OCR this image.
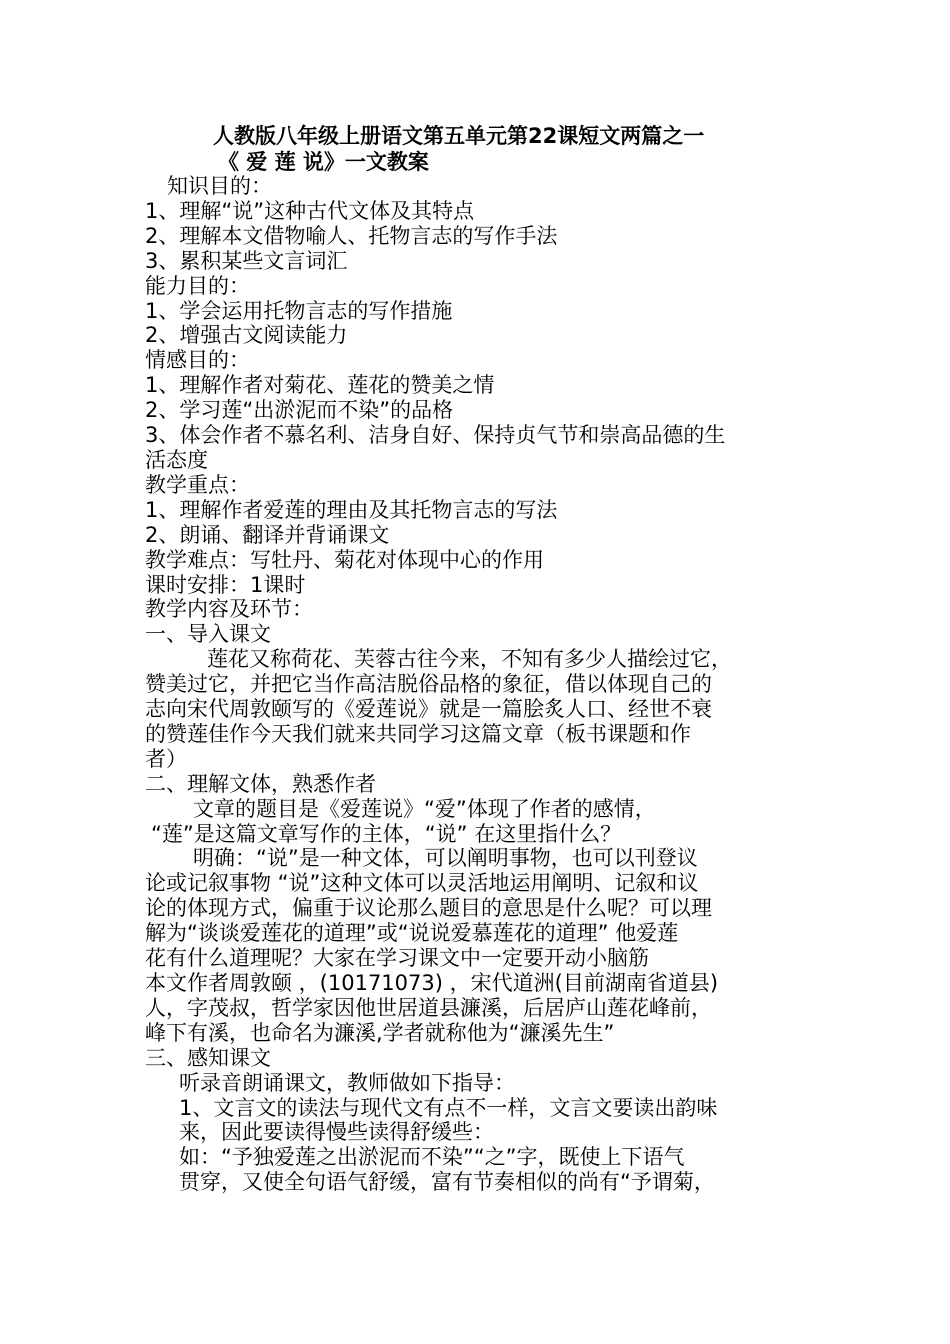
人教版八年级上册语文第五单元第22课短文两篇之一
《 爱 莲 说》一文教案

知识目的：

1、理解“说”这种古代文体及其特点

2、理解本文借物喻人、托物言志的写作手法

3、累积某些文言词汇

能力目的：

1、学会运用托物言志的写作措施

2、增强古文阅读能力

情感目的：

1、理解作者对菊花、莲花的赞美之情

2、学习莲“出淤泥而不染”的品格

3、体会作者不慕名利、洁身自好、保持贞气节和崇高品德的生

活态度

教学重点：

1、理解作者爱莲的理由及其托物言志的写法

2、朗诵、翻译并背诵课文

教学难点：写牡丹、菊花对体现中心的作用

课时安排：1课时

教学内容及环节：

一、导入课文

莲花又称荷花、芙蓉古往今来，不知有多少人描绘过它，

赞美过它，并把它当作高洁脱俗品格的象征，借以体现自己的

志向宋代周敦颐写的《爱莲说》就是一篇脍炙人口、经世不衰

的赞莲佳作今天我们就来共同学习这篇文章（板书课题和作

者）

二、理解文体，熟悉作者

文章的题目是《爱莲说》“爱”体现了作者的感情，

“莲”是这篇文章写作的主体，“说” 在这里指什么？

明确：“说”是一种文体，可以阐明事物，也可以刊登议

论或记叙事物 “说”这种文体可以灵活地运用阐明、记叙和议

论的体现方式，偏重于议论那么题目的意思是什么呢？可以理

解为“谈谈爱莲花的道理”或“说说爱慕莲花的道理” 他爱莲

花有什么道理呢？大家在学习课文中一定要开动小脑筋

本文作者周敦颐 ，(10171073) ，宋代道洲(目前湖南省道县)

人，字茂叔，哲学家因他世居道县濂溪，后居庐山莲花峰前，

峰下有溪，也命名为濂溪,学者就称他为“濂溪先生”

三、感知课文

听录音朗诵课文，教师做如下指导：

1、文言文的读法与现代文有点不一样，文言文要读出韵味

来，因此要读得慢些读得舒缓些：

如：“予独爱莲之出淤泥而不染”“之”字，既使上下语气

贯穿，又使全句语气舒缓，富有节奏相似的尚有“予谓菊，
